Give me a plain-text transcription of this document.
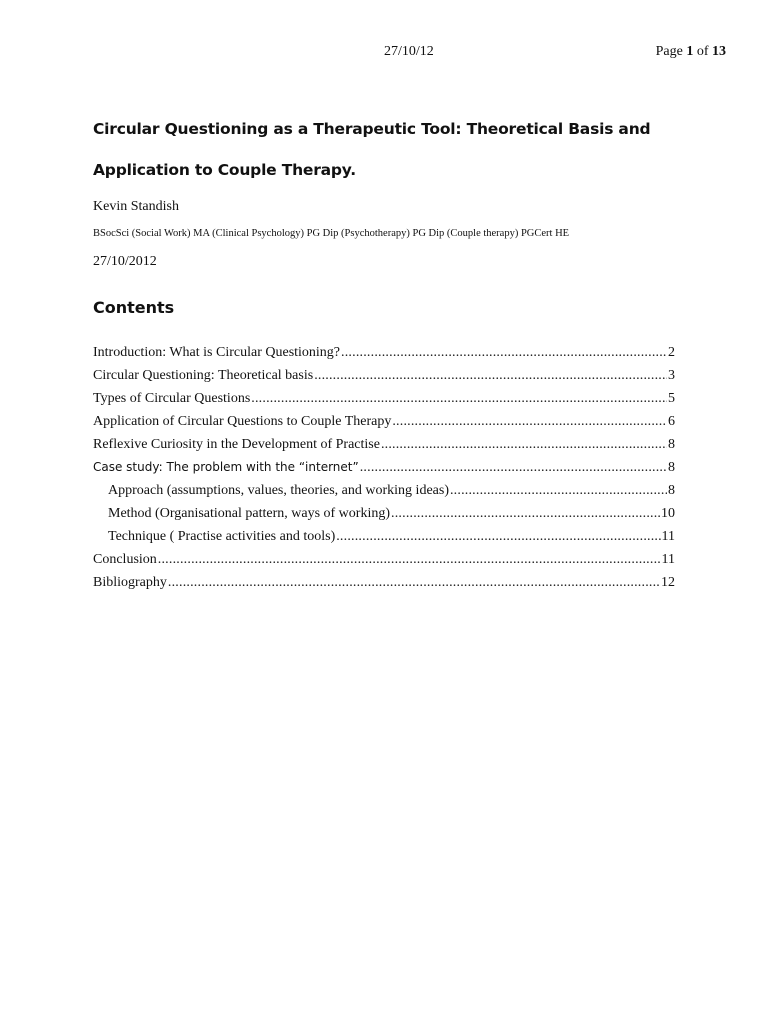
27/10/12	Page 1 of 13
Circular Questioning as a Therapeutic Tool: Theoretical Basis and
Application to Couple Therapy.
Kevin Standish
BSocSci (Social Work) MA (Clinical Psychology) PG Dip (Psychotherapy) PG Dip (Couple therapy) PGCert HE
27/10/2012
Contents
Introduction: What is Circular Questioning? .....	2
Circular Questioning: Theoretical basis .....	3
Types of Circular Questions .....	5
Application of Circular Questions to Couple Therapy .....	6
Reflexive Curiosity in the Development of Practise .....	8
Case study: The problem with the “internet” .....	8
Approach (assumptions, values, theories, and working ideas) .....	8
Method (Organisational pattern, ways of working) .....	10
Technique ( Practise activities and tools) .....	11
Conclusion .....	11
Bibliography .....	12
